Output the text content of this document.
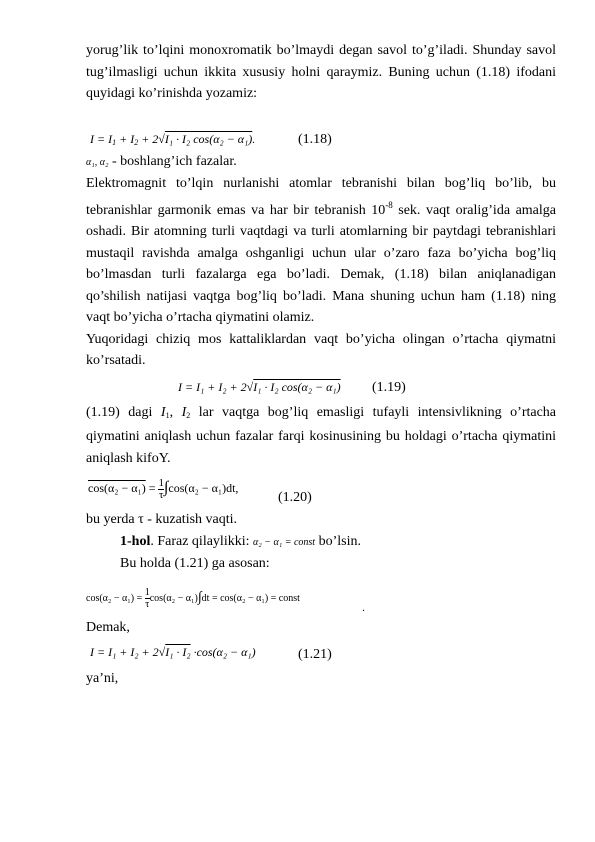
yorug’lik to’lqini monoxromatik bo’lmaydi degan savol to’g’iladi. Shunday savol tug’ilmasligi uchun ikkita xususiy holni qaraymiz. Buning uchun (1.18) ifodani quyidagi ko’rinishda yozamiz:

$I = I_1 + I_2 + 2√I_1 \cdot I_2$ cos(α₂ − α₁).	(1.18)

α₁, α₂ - boshlang’ich fazalar.

Elektromagnit to’lqin nurlanishi atomlar tebranishi bilan bog’liq bo’lib, bu tebranishlar garmonik emas va har bir tebranish $10^{-8}$ sek. vaqt oralig’ida amalga oshadi. Bir atomning turli vaqtdagi va turli atomlarning bir paytdagi tebranishlari mustaqil ravishda amalga oshganligi uchun ular o’zaro faza bo’yicha bog’liq bo’lmasdan turli fazalarga ega bo’ladi. Demak, (1.18) bilan aniqlanadigan qo’shilish natijasi vaqtga bog’liq bo’ladi. Mana shuning uchun ham (1.18) ning vaqt bo’yicha o’rtacha qiymatini olamiz.

Yuqoridagi chiziq mos kattaliklardan vaqt bo’yicha olingan o’rtacha qiymatni ko’rsatadi.

I = I₁ + I₂ + 2√I₁ · I₂ cos(α₂ − α₁) (1.19)

(1.19) dagi $I_1$, $I_2$ lar vaqtga bog’liq emasligi tufayli intensivlikning o’rtacha qiymatini aniqlash uchun fazalar farqi kosinusining bu holdagi o’rtacha qiymatini aniqlash kifoY.

$\cos(\alpha_2 - \alpha_1) = \frac{1}{\tau} \int\cos(\alpha_2 - \alpha_1)dt$,
(1.20)

bu yerda τ - kuzatish vaqti.

1-hol. Faraz qilaylikki: α₂ − α₁ = const bo’lsin.

Bu holda (1.21) ga asosan:

$\cos(\alpha_2 - \alpha_1) = \frac{1}{\tau} \cos(\alpha_2 - \alpha_1)\int dt = \cos(\alpha_2 - \alpha_1)$ = const
.

Demak,

I = I₁ + I₂ + 2√I₁ · I₂ ·cos(α₂ − α₁)	(1.21)

ya’ni,
